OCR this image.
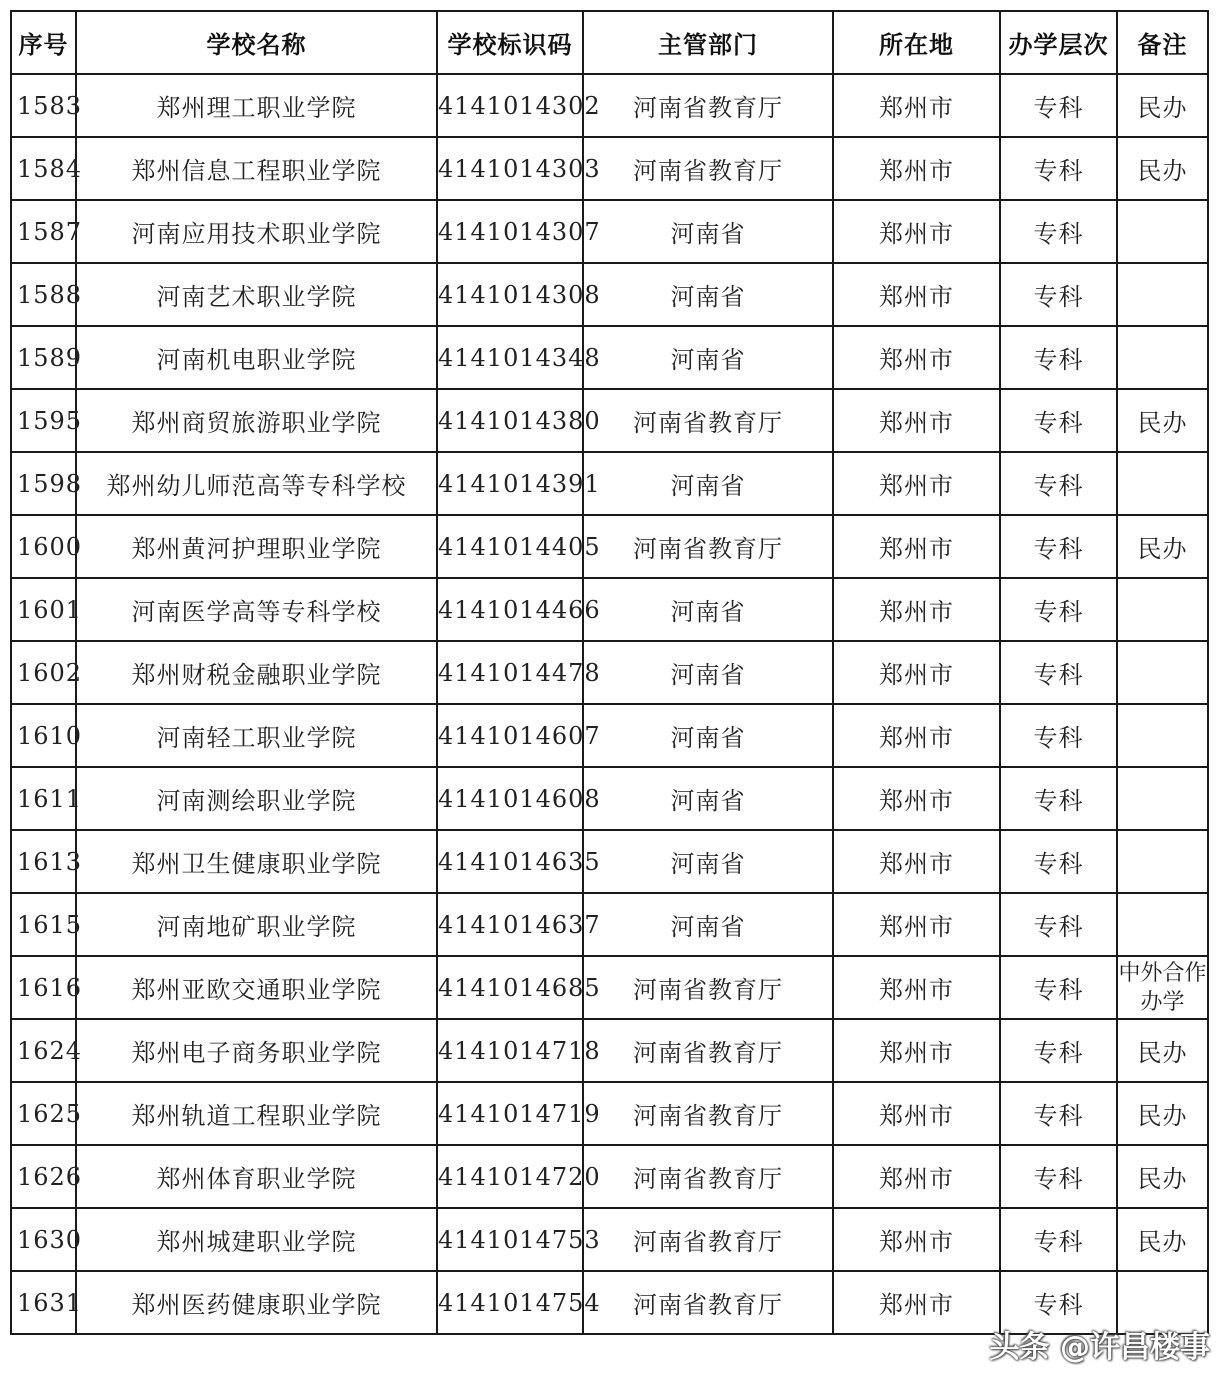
序号	学校名称	学校标识码	主管部门	所在地	办学层次	备注
1583	郑州理工职业学院	4141014302	河南省教育厅	郑州市	专科	民办
1584	郑州信息工程职业学院	4141014303	河南省教育厅	郑州市	专科	民办
1587	河南应用技术职业学院	4141014307	河南省	郑州市	专科	
1588	河南艺术职业学院	4141014308	河南省	郑州市	专科	
1589	河南机电职业学院	4141014348	河南省	郑州市	专科	
1595	郑州商贸旅游职业学院	4141014380	河南省教育厅	郑州市	专科	民办
1598	郑州幼儿师范高等专科学校	4141014391	河南省	郑州市	专科	
1600	郑州黄河护理职业学院	4141014405	河南省教育厅	郑州市	专科	民办
1601	河南医学高等专科学校	4141014466	河南省	郑州市	专科	
1602	郑州财税金融职业学院	4141014478	河南省	郑州市	专科	
1610	河南轻工职业学院	4141014607	河南省	郑州市	专科	
1611	河南测绘职业学院	4141014608	河南省	郑州市	专科	
1613	郑州卫生健康职业学院	4141014635	河南省	郑州市	专科	
1615	河南地矿职业学院	4141014637	河南省	郑州市	专科	
1616	郑州亚欧交通职业学院	4141014685	河南省教育厅	郑州市	专科	中外合作办学
1624	郑州电子商务职业学院	4141014718	河南省教育厅	郑州市	专科	民办
1625	郑州轨道工程职业学院	4141014719	河南省教育厅	郑州市	专科	民办
1626	郑州体育职业学院	4141014720	河南省教育厅	郑州市	专科	民办
1630	郑州城建职业学院	4141014753	河南省教育厅	郑州市	专科	民办
1631	郑州医药健康职业学院	4141014754	河南省教育厅	郑州市	专科	
头条 @许昌楼事
